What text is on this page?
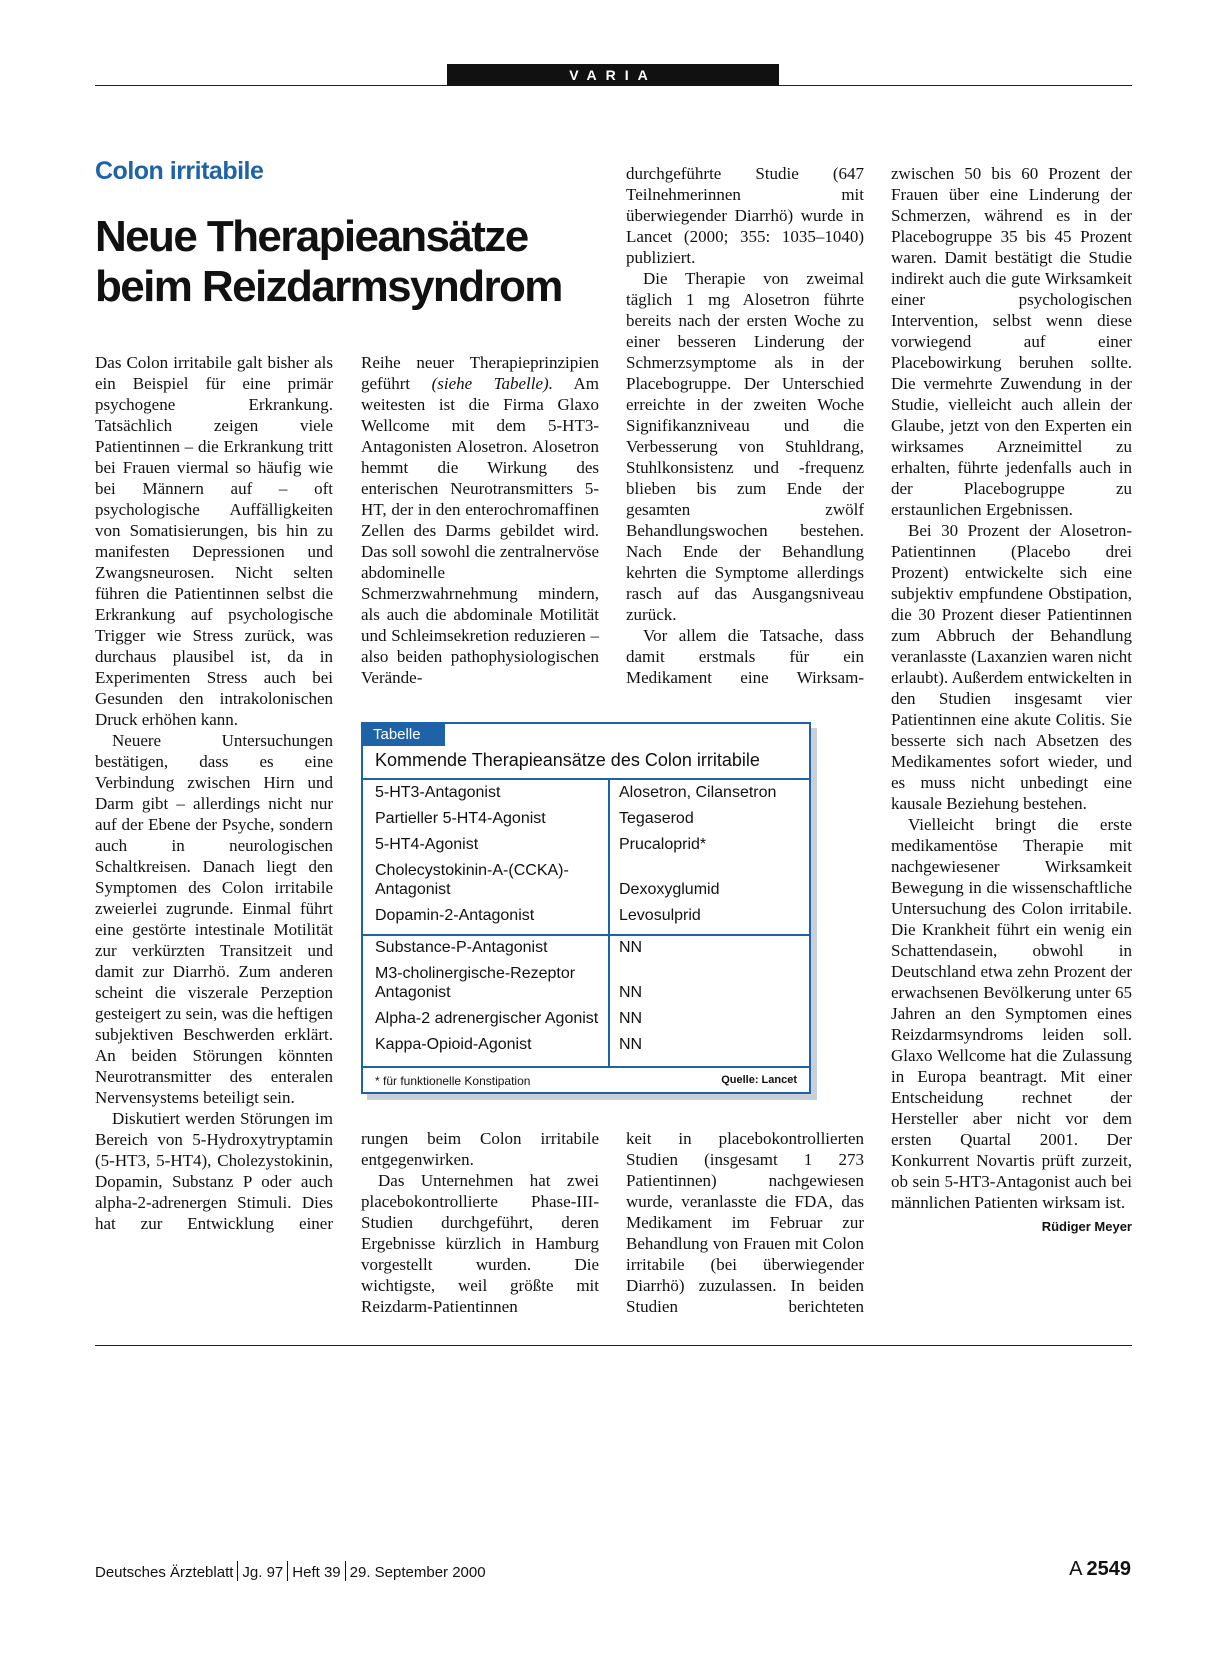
VARIA
Colon irritabile
Neue Therapieansätze
beim Reizdarmsyndrom

Das Colon irritabile galt bisher als ein Beispiel für eine primär psychogene Erkrankung. Tatsächlich zeigen viele Patientinnen – die Erkrankung tritt bei Frauen viermal so häufig wie bei Männern auf – oft psychologische Auffälligkeiten von Somatisierungen, bis hin zu manifesten Depressionen und Zwangsneurosen. Nicht selten führen die Patientinnen selbst die Erkrankung auf psychologische Trigger wie Stress zurück, was durchaus plausibel ist, da in Experimenten Stress auch bei Gesunden den intrakolonischen Druck erhöhen kann.

Neuere Untersuchungen bestätigen, dass es eine Verbindung zwischen Hirn und Darm gibt – allerdings nicht nur auf der Ebene der Psyche, sondern auch in neurologischen Schaltkreisen. Danach liegt den Symptomen des Colon irritabile zweierlei zugrunde. Einmal führt eine gestörte intestinale Motilität zur verkürzten Transitzeit und damit zur Diarrhö. Zum anderen scheint die viszerale Perzeption gesteigert zu sein, was die heftigen subjektiven Beschwerden erklärt. An beiden Störungen könnten Neurotransmitter des enteralen Nervensystems beteiligt sein.

Diskutiert werden Störungen im Bereich von 5-Hydroxytryptamin (5-HT3, 5-HT4), Cholezystokinin, Dopamin, Substanz P oder auch alpha-2-adrenergen Stimuli. Dies hat zur Entwicklung einer

Reihe neuer Therapieprinzipien geführt (siehe Tabelle). Am weitesten ist die Firma Glaxo Wellcome mit dem 5-HT3-Antagonisten Alosetron. Alosetron hemmt die Wirkung des enterischen Neurotransmitters 5-HT, der in den enterochromaffinen Zellen des Darms gebildet wird. Das soll sowohl die zentralnervöse abdominelle Schmerzwahrnehmung mindern, als auch die abdominale Motilität und Schleimsekretion reduzieren – also beiden pathophysiologischen Verände-

rungen beim Colon irritabile entgegenwirken.

Das Unternehmen hat zwei placebokontrollierte Phase-III-Studien durchgeführt, deren Ergebnisse kürzlich in Hamburg vorgestellt wurden. Die wichtigste, weil größte mit Reizdarm-Patientinnen

durchgeführte Studie (647 Teilnehmerinnen mit überwiegender Diarrhö) wurde in Lancet (2000; 355: 1035–1040) publiziert.

Die Therapie von zweimal täglich 1 mg Alosetron führte bereits nach der ersten Woche zu einer besseren Linderung der Schmerzsymptome als in der Placebogruppe. Der Unterschied erreichte in der zweiten Woche Signifikanzniveau und die Verbesserung von Stuhldrang, Stuhlkonsistenz und -frequenz blieben bis zum Ende der gesamten zwölf Behandlungswochen bestehen. Nach Ende der Behandlung kehrten die Symptome allerdings rasch auf das Ausgangsniveau zurück.

Vor allem die Tatsache, dass damit erstmals für ein Medikament eine Wirksam-

keit in placebokontrollierten Studien (insgesamt 1 273 Patientinnen) nachgewiesen wurde, veranlasste die FDA, das Medikament im Februar zur Behandlung von Frauen mit Colon irritabile (bei überwiegender Diarrhö) zuzulassen. In beiden Studien berichteten

zwischen 50 bis 60 Prozent der Frauen über eine Linderung der Schmerzen, während es in der Placebogruppe 35 bis 45 Prozent waren. Damit bestätigt die Studie indirekt auch die gute Wirksamkeit einer psychologischen Intervention, selbst wenn diese vorwiegend auf einer Placebowirkung beruhen sollte. Die vermehrte Zuwendung in der Studie, vielleicht auch allein der Glaube, jetzt von den Experten ein wirksames Arzneimittel zu erhalten, führte jedenfalls auch in der Placebogruppe zu erstaunlichen Ergebnissen.

Bei 30 Prozent der Alosetron-Patientinnen (Placebo drei Prozent) entwickelte sich eine subjektiv empfundene Obstipation, die 30 Prozent dieser Patientinnen zum Abbruch der Behandlung veranlasste (Laxanzien waren nicht erlaubt). Außerdem entwickelten in den Studien insgesamt vier Patientinnen eine akute Colitis. Sie besserte sich nach Absetzen des Medikamentes sofort wieder, und es muss nicht unbedingt eine kausale Beziehung bestehen.

Vielleicht bringt die erste medikamentöse Therapie mit nachgewiesener Wirksamkeit Bewegung in die wissenschaftliche Untersuchung des Colon irritabile. Die Krankheit führt ein wenig ein Schattendasein, obwohl in Deutschland etwa zehn Prozent der erwachsenen Bevölkerung unter 65 Jahren an den Symptomen eines Reizdarmsyndroms leiden soll. Glaxo Wellcome hat die Zulassung in Europa beantragt. Mit einer Entscheidung rechnet der Hersteller aber nicht vor dem ersten Quartal 2001. Der Konkurrent Novartis prüft zurzeit, ob sein 5-HT3-Antagonist auch bei männlichen Patienten wirksam ist.
Rüdiger Meyer

Tabelle
Kommende Therapieansätze des Colon irritabile
5-HT3-Antagonist	Alosetron, Cilansetron
Partieller 5-HT4-Agonist	Tegaserod
5-HT4-Agonist	Prucaloprid*
Cholecystokinin-A-(CCKA)-
Antagonist	Dexoxyglumid
Dopamin-2-Antagonist	Levosulprid
Substance-P-Antagonist	NN
M3-cholinergische-Rezeptor
Antagonist	NN
Alpha-2 adrenergischer Agonist NN
Kappa-Opioid-Agonist	NN
* für funktionelle Konstipation	Quelle: Lancet
Deutsches Ärzteblatt Jg. 97 Heft 39 29. September 2000	A 2549
